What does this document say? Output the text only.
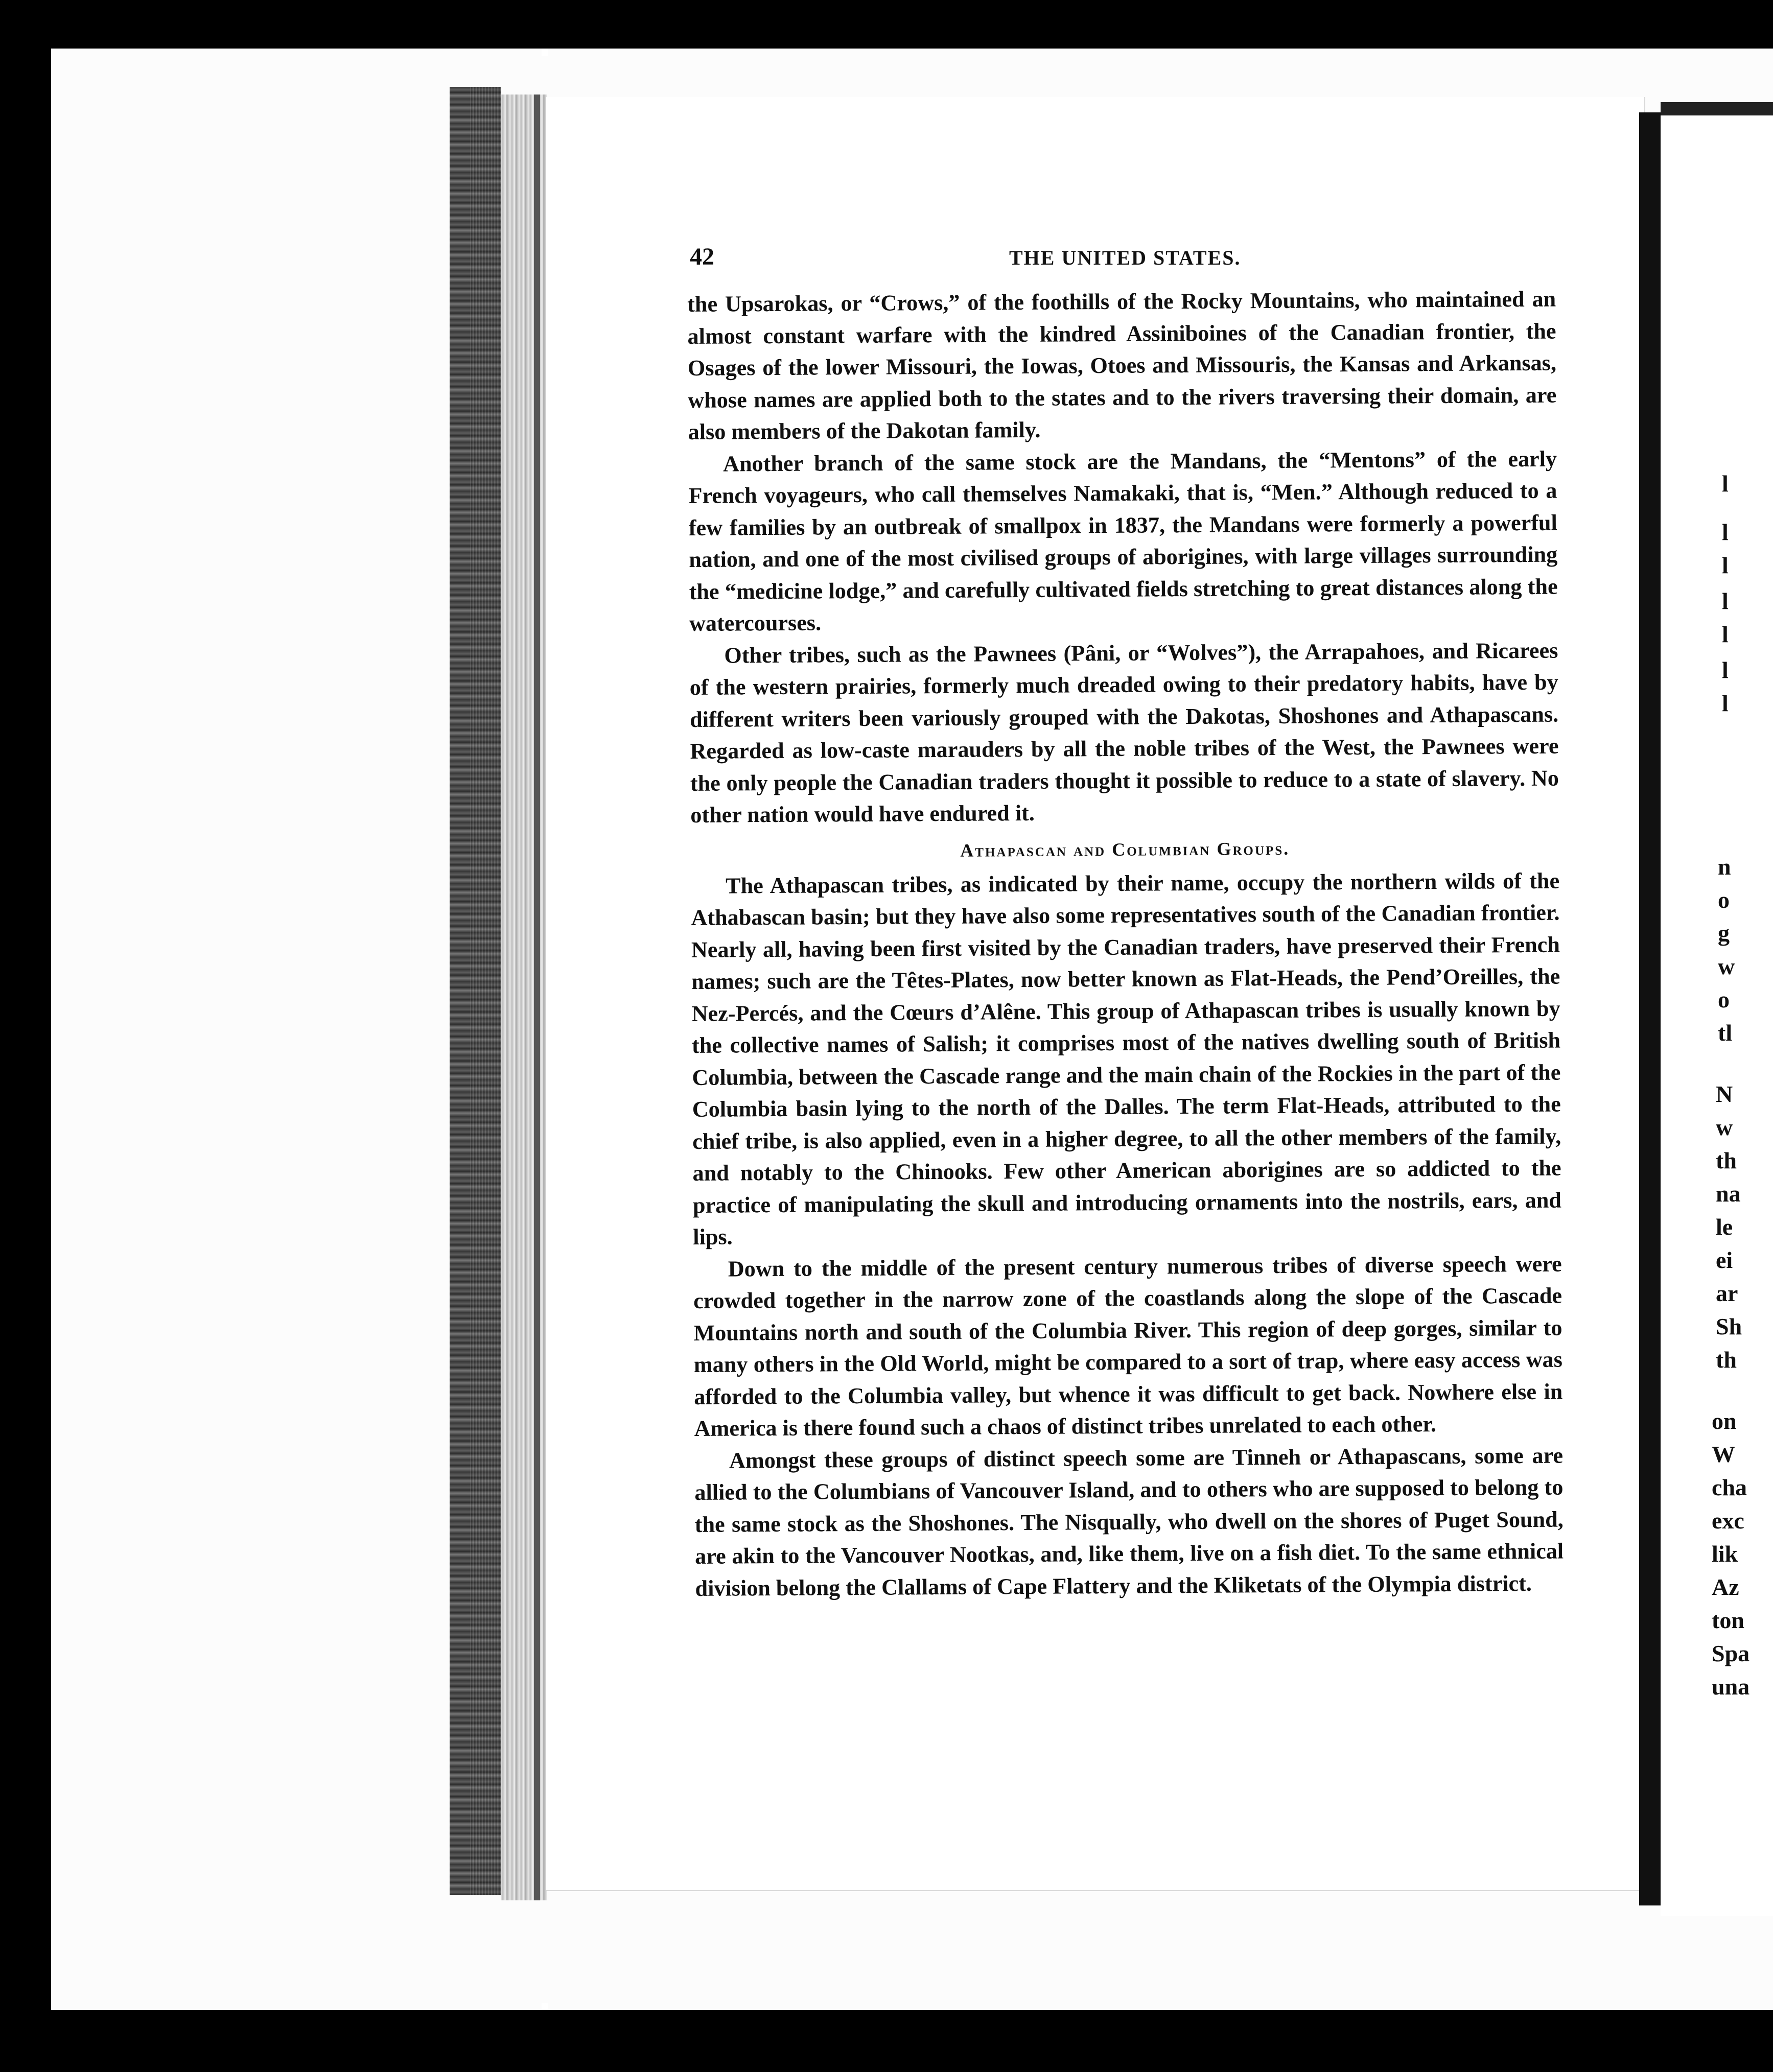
l
l
l
l
l
l
l
n
o
g
w
o
tl
N
w
th
na
le
ei
ar
Sh
th
on
W
cha
exc
lik
Az
ton
Spa
una
42	THE UNITED STATES.

the Upsarokas, or “Crows,” of the foothills of the Rocky Mountains, who maintained an almost constant warfare with the kindred Assiniboines of the Canadian frontier, the Osages of the lower Missouri, the Iowas, Otoes and Missouris, the Kansas and Arkansas, whose names are applied both to the states and to the rivers traversing their domain, are also members of the Dakotan family.

Another branch of the same stock are the Mandans, the “Mentons” of the early French voyageurs, who call themselves Namakaki, that is, “Men.” Although reduced to a few families by an outbreak of smallpox in 1837, the Mandans were formerly a powerful nation, and one of the most civilised groups of aborigines, with large villages surrounding the “medicine lodge,” and carefully cultivated fields stretching to great distances along the watercourses.

Other tribes, such as the Pawnees (Pâni, or “Wolves”), the Arrapahoes, and Ricarees of the western prairies, formerly much dreaded owing to their predatory habits, have by different writers been variously grouped with the Dakotas, Shoshones and Athapascans. Regarded as low-caste marauders by all the noble tribes of the West, the Pawnees were the only people the Canadian traders thought it possible to reduce to a state of slavery. No other nation would have endured it.

Athapascan and Columbian Groups.

The Athapascan tribes, as indicated by their name, occupy the northern wilds of the Athabascan basin; but they have also some representatives south of the Canadian frontier. Nearly all, having been first visited by the Canadian traders, have preserved their French names; such are the Têtes-Plates, now better known as Flat-Heads, the Pend’Oreilles, the Nez-Percés, and the Cœurs d’Alêne. This group of Athapascan tribes is usually known by the collective names of Salish; it comprises most of the natives dwelling south of British Columbia, between the Cascade range and the main chain of the Rockies in the part of the Columbia basin lying to the north of the Dalles. The term Flat-Heads, attributed to the chief tribe, is also applied, even in a higher degree, to all the other members of the family, and notably to the Chinooks. Few other American aborigines are so addicted to the practice of manipulating the skull and introducing ornaments into the nostrils, ears, and lips.

Down to the middle of the present century numerous tribes of diverse speech were crowded together in the narrow zone of the coastlands along the slope of the Cascade Mountains north and south of the Columbia River. This region of deep gorges, similar to many others in the Old World, might be compared to a sort of trap, where easy access was afforded to the Columbia valley, but whence it was difficult to get back. Nowhere else in America is there found such a chaos of distinct tribes unrelated to each other.

Amongst these groups of distinct speech some are Tinneh or Athapascans, some are allied to the Columbians of Vancouver Island, and to others who are supposed to belong to the same stock as the Shoshones. The Nisqually, who dwell on the shores of Puget Sound, are akin to the Vancouver Nootkas, and, like them, live on a fish diet. To the same ethnical division belong the Clallams of Cape Flattery and the Kliketats of the Olympia district.
